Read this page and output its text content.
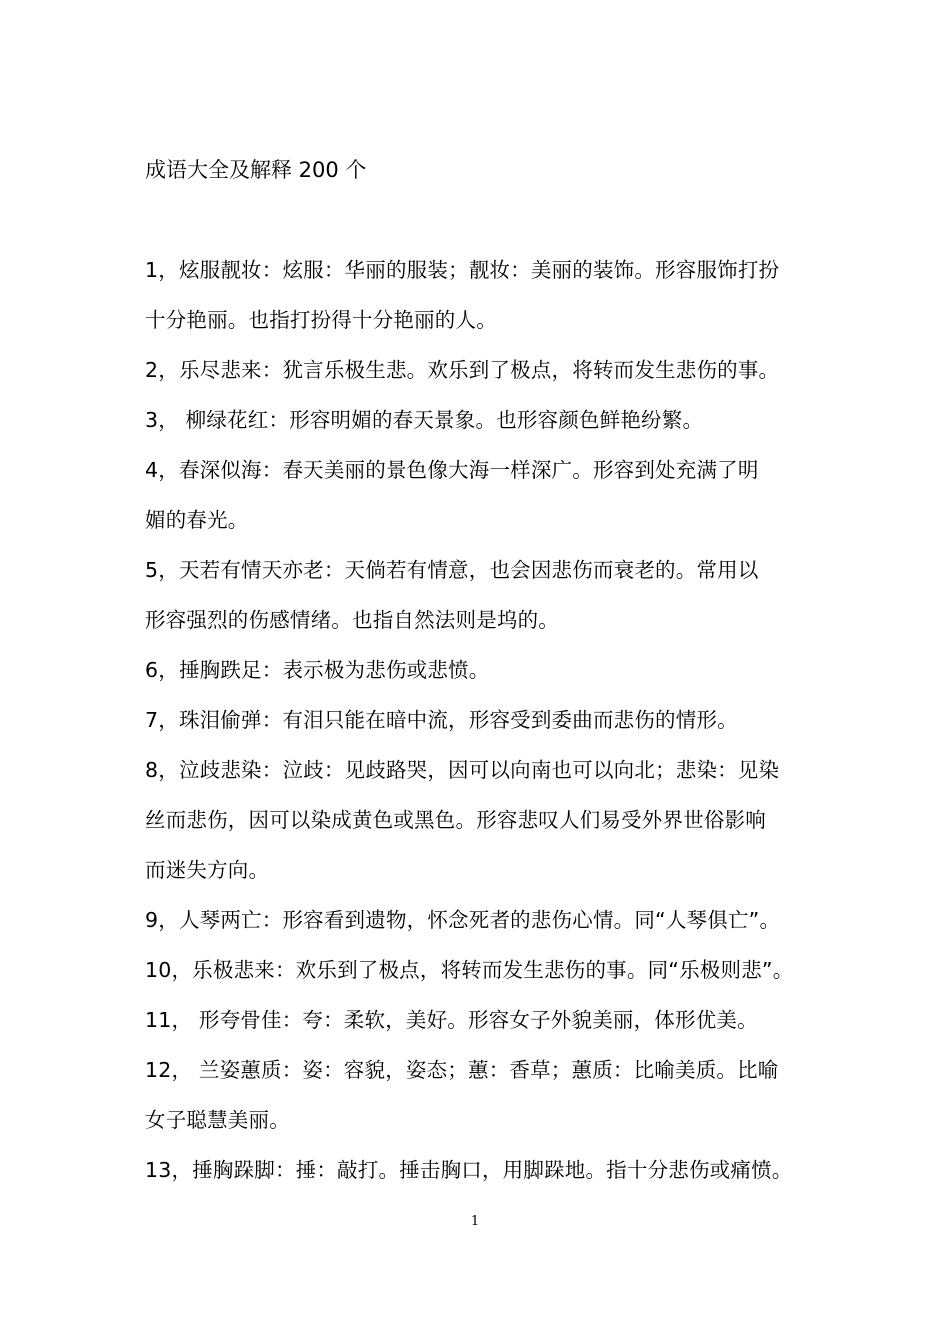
成语大全及解释 200 个
1，炫服靓妆：炫服：华丽的服装；靓妆：美丽的装饰。形容服饰打扮
十分艳丽。也指打扮得十分艳丽的人。
2，乐尽悲来：犹言乐极生悲。欢乐到了极点，将转而发生悲伤的事。
3， 柳绿花红：形容明媚的春天景象。也形容颜色鲜艳纷繁。
4，春深似海：春天美丽的景色像大海一样深广。形容到处充满了明
媚的春光。
5，天若有情天亦老：天倘若有情意，也会因悲伤而衰老的。常用以
形容强烈的伤感情绪。也指自然法则是坞的。
6，捶胸跌足：表示极为悲伤或悲愤。
7，珠泪偷弹：有泪只能在暗中流，形容受到委曲而悲伤的情形。
8，泣歧悲染：泣歧：见歧路哭，因可以向南也可以向北；悲染：见染
丝而悲伤，因可以染成黄色或黑色。形容悲叹人们易受外界世俗影响
而迷失方向。
9，人琴两亡：形容看到遗物，怀念死者的悲伤心情。同“人琴俱亡”。
10，乐极悲来：欢乐到了极点，将转而发生悲伤的事。同“乐极则悲”。
11， 形夸骨佳：夸：柔软，美好。形容女子外貌美丽，体形优美。
12， 兰姿蕙质：姿：容貌，姿态；蕙：香草；蕙质：比喻美质。比喻
女子聪慧美丽。
13，捶胸跺脚：捶：敲打。捶击胸口，用脚跺地。指十分悲伤或痛愤。
1
